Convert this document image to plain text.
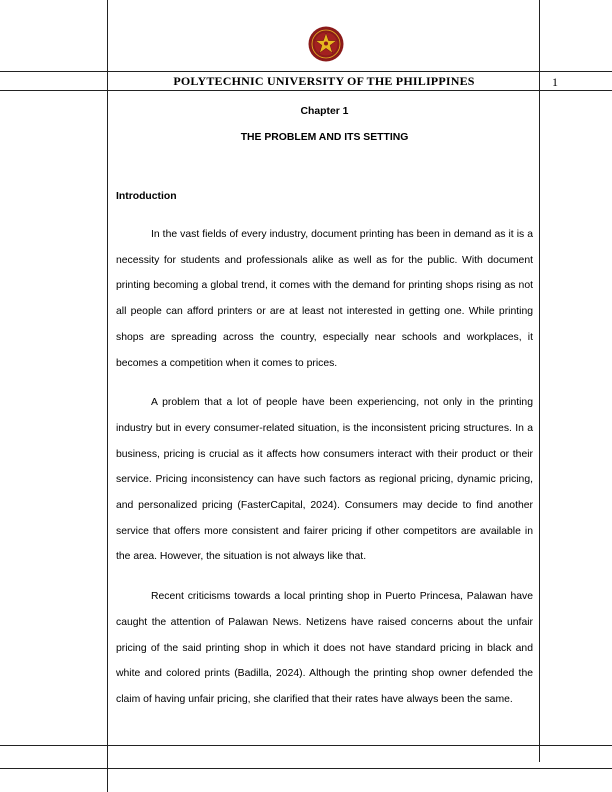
POLYTECHNIC UNIVERSITY OF THE PHILIPPINES	1
Chapter 1
THE PROBLEM AND ITS SETTING
Introduction

In the vast fields of every industry, document printing has been in demand as it is a necessity for students and professionals alike as well as for the public. With document printing becoming a global trend, it comes with the demand for printing shops rising as not all people can afford printers or are at least not interested in getting one. While printing shops are spreading across the country, especially near schools and workplaces, it becomes a competition when it comes to prices.

A problem that a lot of people have been experiencing, not only in the printing industry but in every consumer-related situation, is the inconsistent pricing structures. In a business, pricing is crucial as it affects how consumers interact with their product or their service. Pricing inconsistency can have such factors as regional pricing, dynamic pricing, and personalized pricing (FasterCapital, 2024). Consumers may decide to find another service that offers more consistent and fairer pricing if other competitors are available in the area. However, the situation is not always like that.

Recent criticisms towards a local printing shop in Puerto Princesa, Palawan have caught the attention of Palawan News. Netizens have raised concerns about the unfair pricing of the said printing shop in which it does not have standard pricing in black and white and colored prints (Badilla, 2024). Although the printing shop owner defended the claim of having unfair pricing, she clarified that their rates have always been the same.
